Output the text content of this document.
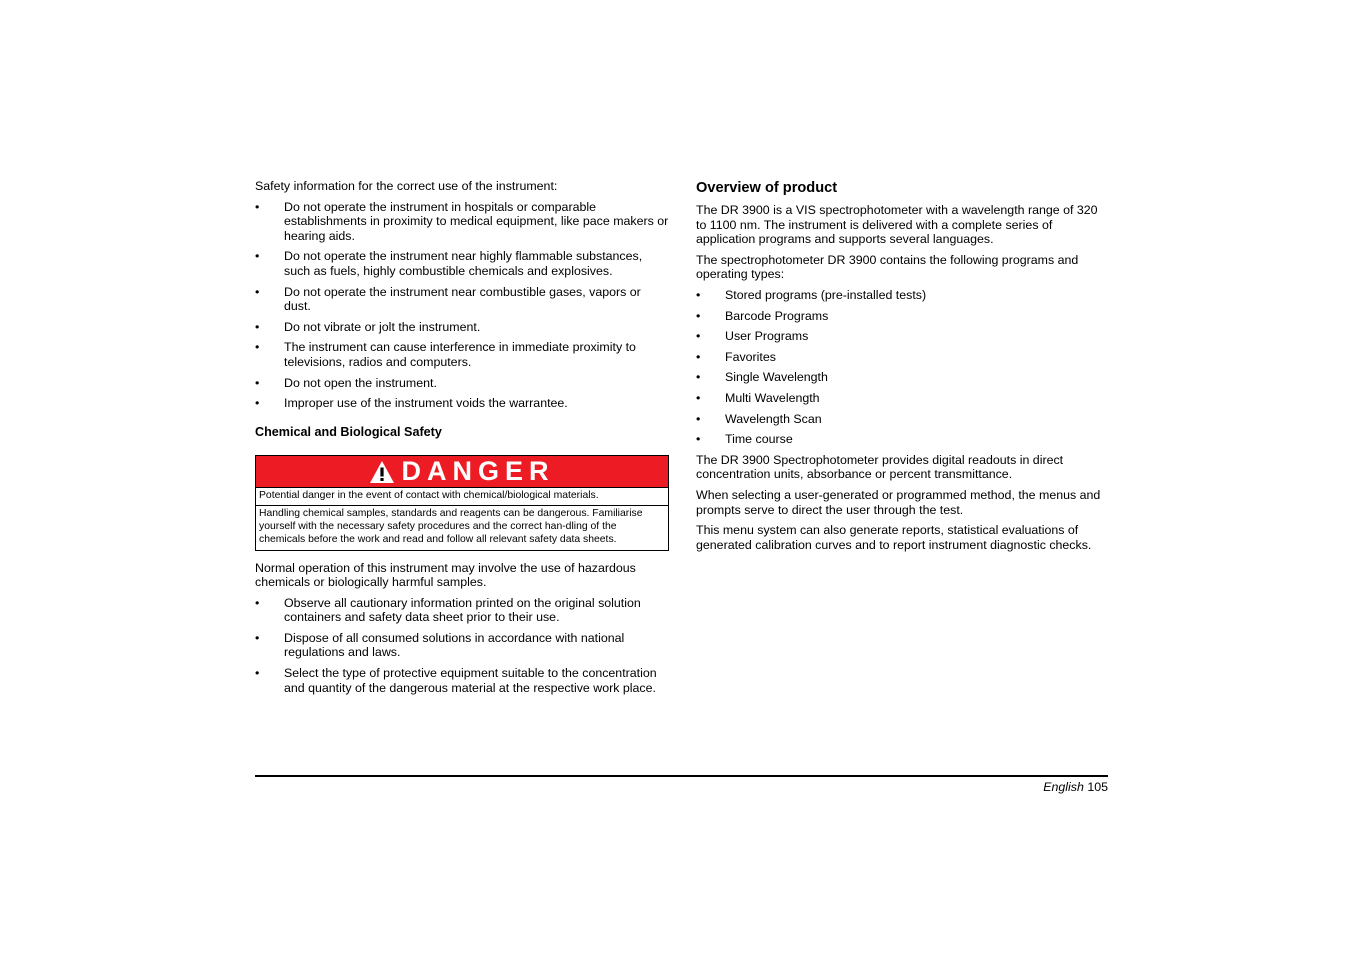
Safety information for the correct use of the instrument:

• Do not operate the instrument in hospitals or comparable establishments in proximity to medical equipment, like pace makers or hearing aids.
• Do not operate the instrument near highly flammable substances, such as fuels, highly combustible chemicals and explosives.
• Do not operate the instrument near combustible gases, vapors or dust.
• Do not vibrate or jolt the instrument.
• The instrument can cause interference in immediate proximity to televisions, radios and computers.
• Do not open the instrument.
• Improper use of the instrument voids the warrantee.
Chemical and Biological Safety
DANGER
Potential danger in the event of contact with chemical/biological materials.
Handling chemical samples, standards and reagents can be dangerous. Familiarise yourself with the necessary safety procedures and the correct han-dling of the chemicals before the work and read and follow all relevant safety data sheets.

Normal operation of this instrument may involve the use of hazardous chemicals or biologically harmful samples.

• Observe all cautionary information printed on the original solution containers and safety data sheet prior to their use.
• Dispose of all consumed solutions in accordance with national regulations and laws.
• Select the type of protective equipment suitable to the concentration and quantity of the dangerous material at the respective work place.
Overview of product

The DR 3900 is a VIS spectrophotometer with a wavelength range of 320 to 1100 nm. The instrument is delivered with a complete series of application programs and supports several languages.

The spectrophotometer DR 3900 contains the following programs and operating types:

• Stored programs (pre-installed tests)
• Barcode Programs
• User Programs
• Favorites
• Single Wavelength
• Multi Wavelength
• Wavelength Scan
• Time course

The DR 3900 Spectrophotometer provides digital readouts in direct concentration units, absorbance or percent transmittance.

When selecting a user-generated or programmed method, the menus and prompts serve to direct the user through the test.

This menu system can also generate reports, statistical evaluations of generated calibration curves and to report instrument diagnostic checks.

English 105
